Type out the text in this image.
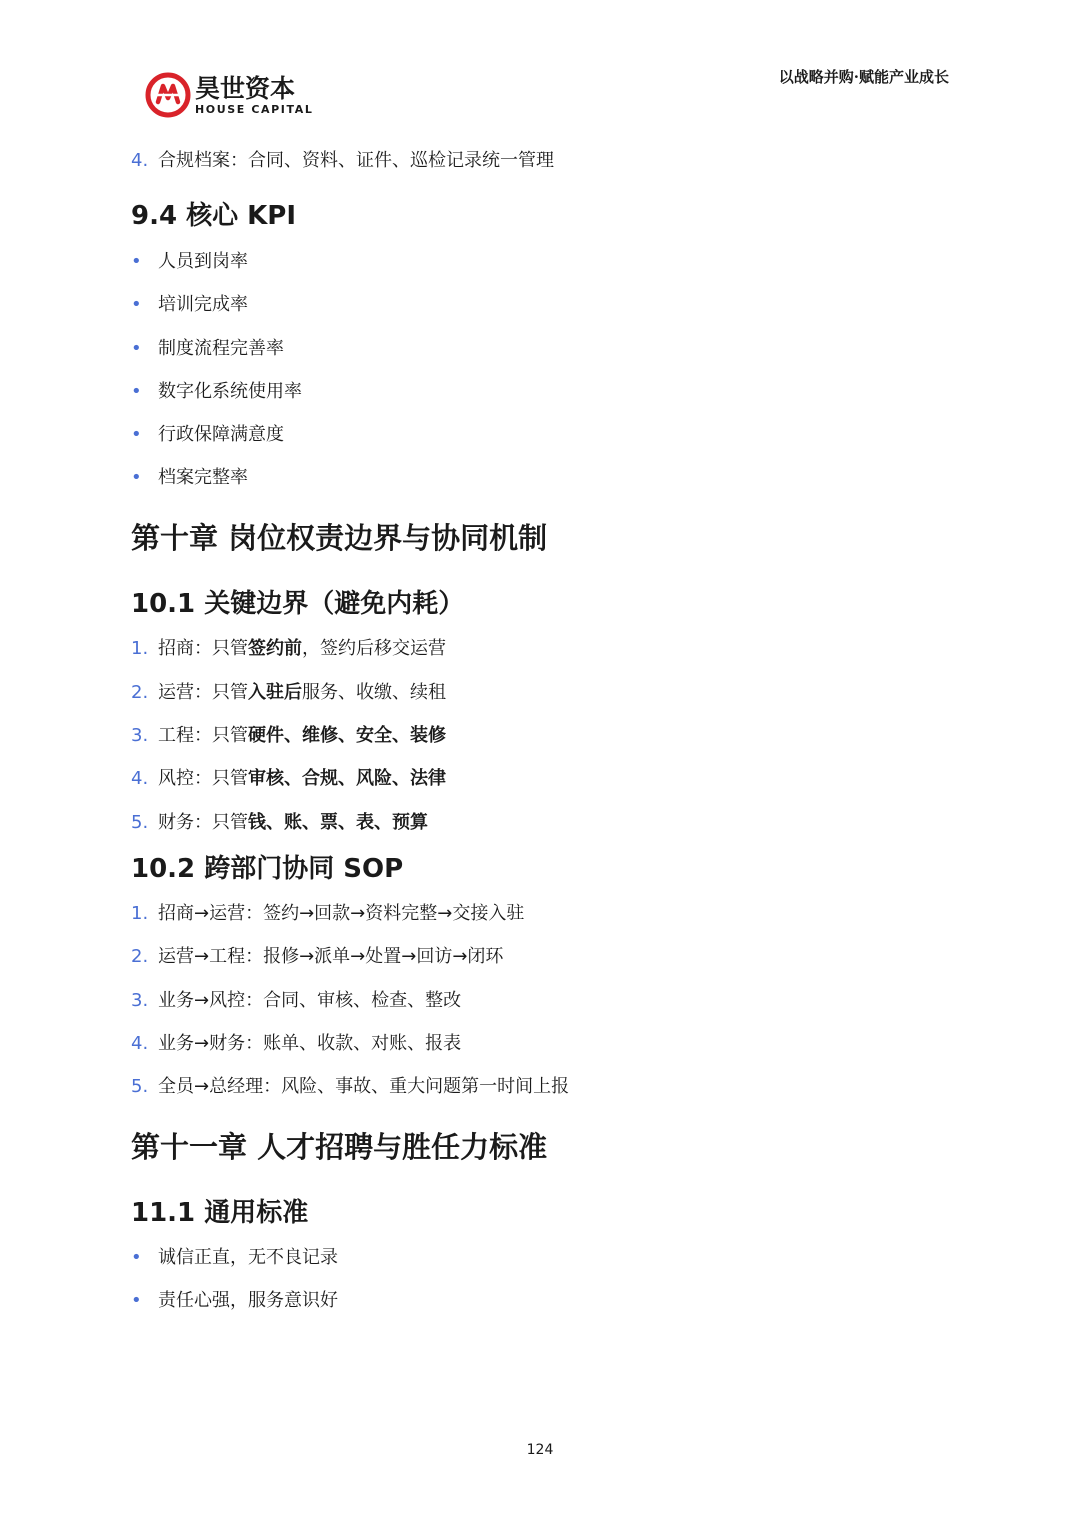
昊世资本
HOUSE CAPITAL
以战略并购·赋能产业成长
4. 合规档案：合同、资料、证件、巡检记录统一管理
9.4 核心 KPI
• 人员到岗率
• 培训完成率
• 制度流程完善率
• 数字化系统使用率
• 行政保障满意度
• 档案完整率
第十章 岗位权责边界与协同机制
10.1 关键边界（避免内耗）
1. 招商：只管签约前，签约后移交运营
2. 运营：只管入驻后服务、收缴、续租
3. 工程：只管硬件、维修、安全、装修
4. 风控：只管审核、合规、风险、法律
5. 财务：只管钱、账、票、表、预算
10.2 跨部门协同 SOP
1. 招商→运营：签约→回款→资料完整→交接入驻
2. 运营→工程：报修→派单→处置→回访→闭环
3. 业务→风控：合同、审核、检查、整改
4. 业务→财务：账单、收款、对账、报表
5. 全员→总经理：风险、事故、重大问题第一时间上报
第十一章 人才招聘与胜任力标准
11.1 通用标准
• 诚信正直，无不良记录
• 责任心强，服务意识好
124
